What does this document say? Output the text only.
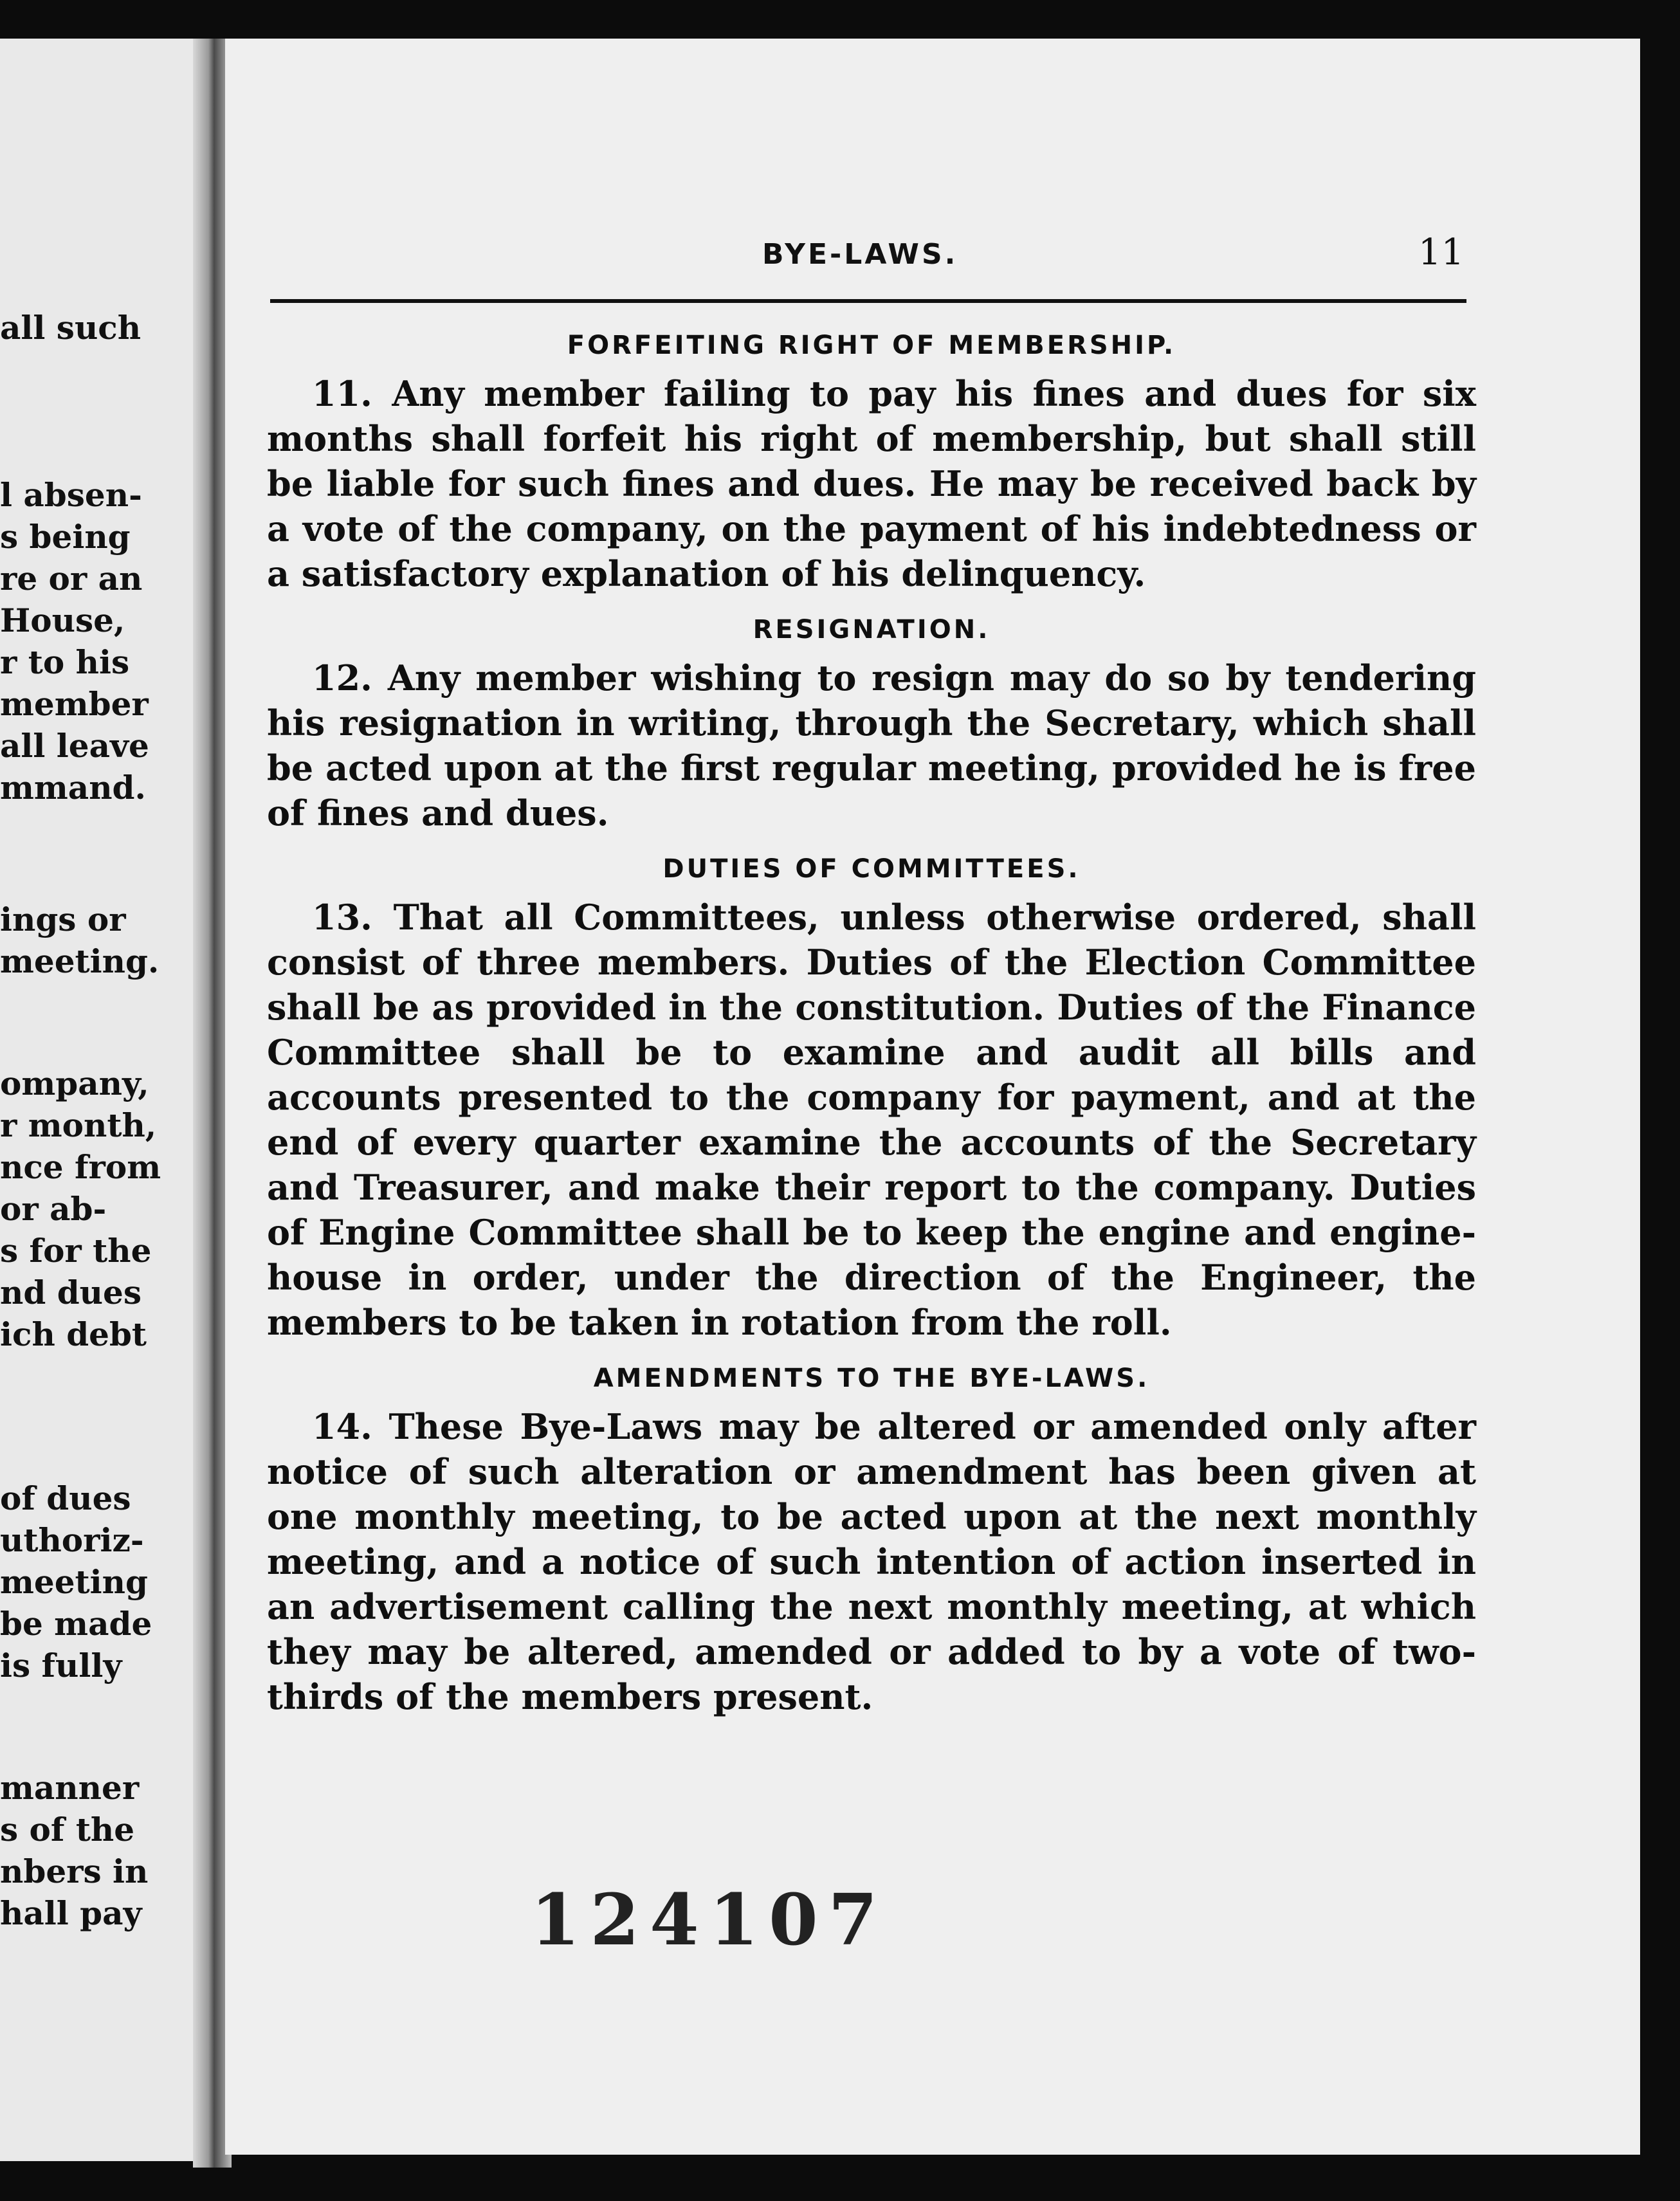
all such
l absen-
s being
re or an
House,
r to his
member
all leave
mmand.
ings or
meeting.
ompany,
r month,
nce from
or ab-
s for the
nd dues
ich debt
of dues
uthoriz-
meeting
be made
is fully
manner
s of the
nbers in
hall pay
BYE-LAWS.	11
FORFEITING RIGHT OF MEMBERSHIP.

11. Any member failing to pay his fines and dues for six months shall forfeit his right of membership, but shall still be liable for such fines and dues. He may be received back by a vote of the company, on the payment of his indebtedness or a satisfactory explanation of his delinquency.

RESIGNATION.

12. Any member wishing to resign may do so by tendering his resignation in writing, through the Secretary, which shall be acted upon at the first regular meeting, provided he is free of fines and dues.

DUTIES OF COMMITTEES.

13. That all Committees, unless otherwise ordered, shall consist of three members. Duties of the Election Committee shall be as provided in the constitution. Duties of the Finance Committee shall be to examine and audit all bills and accounts presented to the company for payment, and at the end of every quarter examine the accounts of the Secretary and Treasurer, and make their report to the company. Duties of Engine Committee shall be to keep the engine and engine-house in order, under the direction of the Engineer, the members to be taken in rotation from the roll.

AMENDMENTS TO THE BYE-LAWS.

14. These Bye-Laws may be altered or amended only after notice of such alteration or amendment has been given at one monthly meeting, to be acted upon at the next monthly meeting, and a notice of such intention of action inserted in an advertisement calling the next monthly meeting, at which they may be altered, amended or added to by a vote of two-thirds of the members present.

124107
